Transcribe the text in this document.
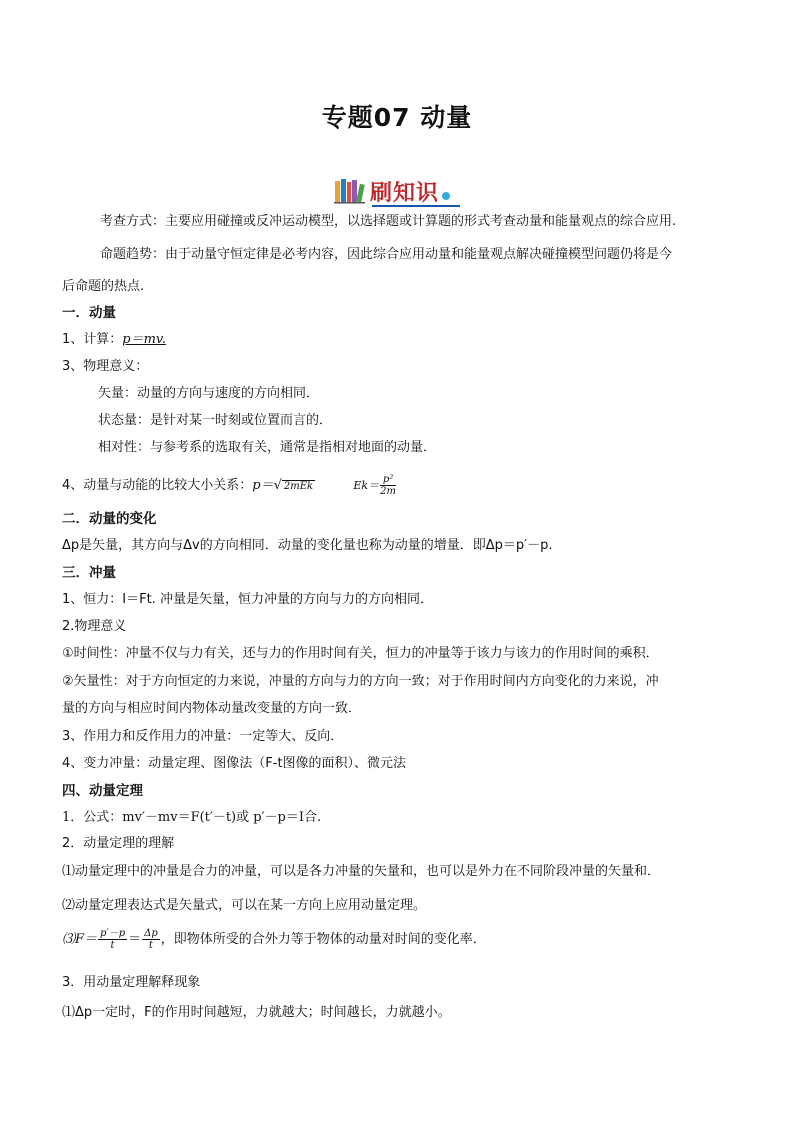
专题07 动量
刷知识
考查方式：主要应用碰撞或反冲运动模型，以选择题或计算题的形式考查动量和能量观点的综合应用.
命题趋势：由于动量守恒定律是必考内容，因此综合应用动量和能量观点解决碰撞模型问题仍将是今
后命题的热点.
一．动量
1、计算：p＝mv.
3、物理意义：
矢量：动量的方向与速度的方向相同．
状态量：是针对某一时刻或位置而言的．
相对性：与参考系的选取有关，通常是指相对地面的动量．
4、动量与动能的比较大小关系：p＝√ 2mEk	$Ek= \frac{\text{p²}}{2m}$
二．动量的变化
Δp是矢量，其方向与Δv的方向相同．动量的变化量也称为动量的增量．即Δp＝p′－p.
三．冲量
1、恒力：I＝Ft. 冲量是矢量，恒力冲量的方向与力的方向相同．
2.物理意义
①时间性：冲量不仅与力有关，还与力的作用时间有关，恒力的冲量等于该力与该力的作用时间的乘积．
②矢量性：对于方向恒定的力来说，冲量的方向与力的方向一致；对于作用时间内方向变化的力来说，冲
量的方向与相应时间内物体动量改变量的方向一致．
3、作用力和反作用力的冲量：一定等大、反向．
4、变力冲量：动量定理、图像法（F-t图像的面积）、微元法
四、动量定理
1．公式：mv′－mv＝F(t′－t)或 p′－p＝I合.
2．动量定理的理解
⑴动量定理中的冲量是合力的冲量，可以是各力冲量的矢量和，也可以是外力在不同阶段冲量的矢量和．
⑵动量定理表达式是矢量式，可以在某一方向上应用动量定理。
⑶F＝ $\frac{p'-p}{t} = \frac{\Delta p}{t}$ ，即物体所受的合外力等于物体的动量对时间的变化率．
3．用动量定理解释现象
⑴Δp一定时，F的作用时间越短，力就越大；时间越长，力就越小。
